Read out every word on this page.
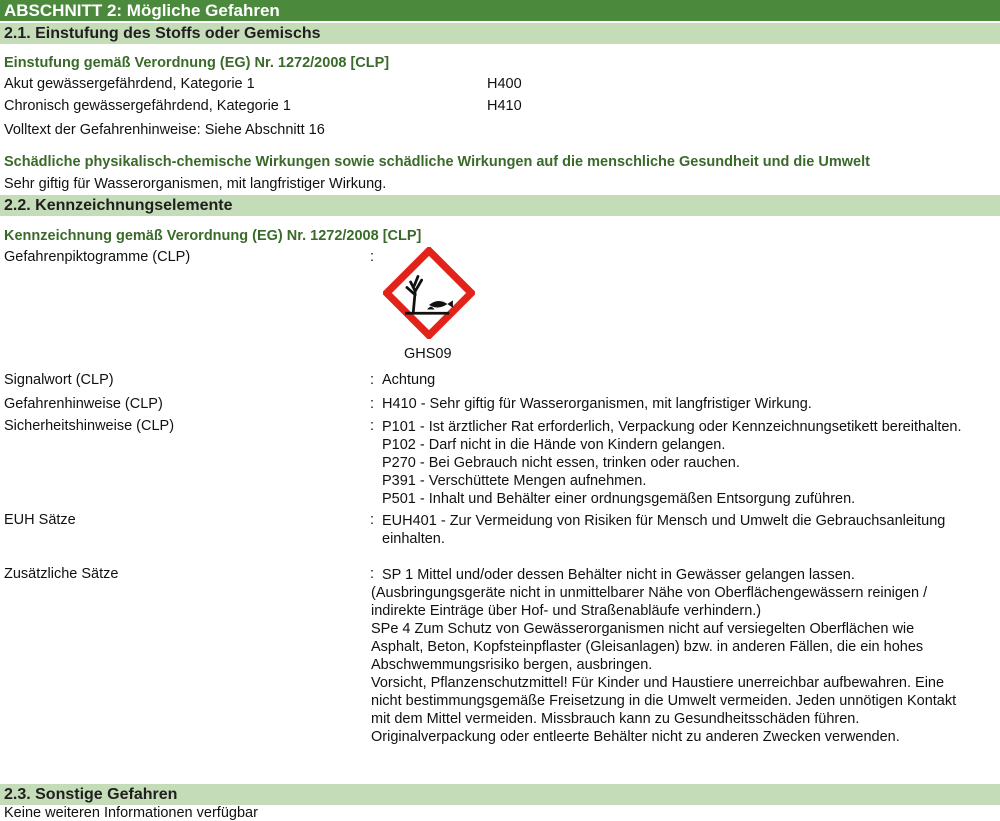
ABSCHNITT 2: Mögliche Gefahren
2.1. Einstufung des Stoffs oder Gemischs
Einstufung gemäß Verordnung (EG) Nr. 1272/2008 [CLP]
Akut gewässergefährdend, Kategorie 1	H400
Chronisch gewässergefährdend, Kategorie 1	H410
Volltext der Gefahrenhinweise: Siehe Abschnitt 16
Schädliche physikalisch-chemische Wirkungen sowie schädliche Wirkungen auf die menschliche Gesundheit und die Umwelt
Sehr giftig für Wasserorganismen, mit langfristiger Wirkung.
2.2. Kennzeichnungselemente
Kennzeichnung gemäß Verordnung (EG) Nr. 1272/2008 [CLP]
Gefahrenpiktogramme (CLP)	:
GHS09
Signalwort (CLP)	: Achtung
Gefahrenhinweise (CLP)	: H410 - Sehr giftig für Wasserorganismen, mit langfristiger Wirkung.
Sicherheitshinweise (CLP)	: P101 - Ist ärztlicher Rat erforderlich, Verpackung oder Kennzeichnungsetikett bereithalten.
P102 - Darf nicht in die Hände von Kindern gelangen.
P270 - Bei Gebrauch nicht essen, trinken oder rauchen.
P391 - Verschüttete Mengen aufnehmen.
P501 - Inhalt und Behälter einer ordnungsgemäßen Entsorgung zuführen.
EUH Sätze	: EUH401 - Zur Vermeidung von Risiken für Mensch und Umwelt die Gebrauchsanleitung
einhalten.
Zusätzliche Sätze	: SP 1 Mittel und/oder dessen Behälter nicht in Gewässer gelangen lassen.
(Ausbringungsgeräte nicht in unmittelbarer Nähe von Oberflächengewässern reinigen /
indirekte Einträge über Hof- und Straßenabläufe verhindern.)
SPe 4 Zum Schutz von Gewässerorganismen nicht auf versiegelten Oberflächen wie
Asphalt, Beton, Kopfsteinpflaster (Gleisanlagen) bzw. in anderen Fällen, die ein hohes
Abschwemmungsrisiko bergen, ausbringen.
Vorsicht, Pflanzenschutzmittel! Für Kinder und Haustiere unerreichbar aufbewahren. Eine
nicht bestimmungsgemäße Freisetzung in die Umwelt vermeiden. Jeden unnötigen Kontakt
mit dem Mittel vermeiden. Missbrauch kann zu Gesundheitsschäden führen.
Originalverpackung oder entleerte Behälter nicht zu anderen Zwecken verwenden.
2.3. Sonstige Gefahren
Keine weiteren Informationen verfügbar
